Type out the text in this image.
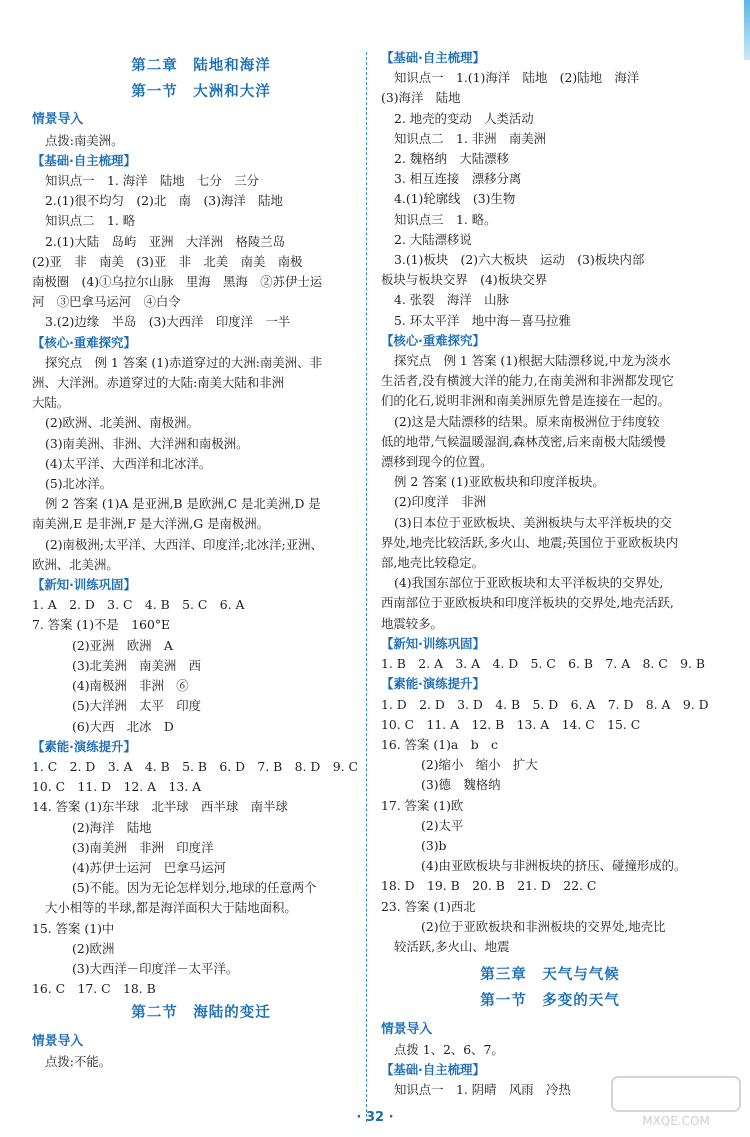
第二章　陆地和海洋
第一节　大洲和大洋
情景导入
点拨:南美洲。
【基础·自主梳理】
知识点一　1. 海洋　陆地　七分　三分
2.(1)很不均匀　(2)北　南　(3)海洋　陆地
知识点二　1. 略
2.(1)大陆　岛屿　亚洲　大洋洲　格陵兰岛
(2)亚　非　南美　(3)亚　非　北美　南美　南极
南极圈　(4)①乌拉尔山脉　里海　黑海　②苏伊士运
河　③巴拿马运河　④白令
3.(2)边缘　半岛　(3)大西洋　印度洋　一半
【核心·重难探究】
探究点　例 1 答案 (1)赤道穿过的大洲:南美洲、非
洲、大洋洲。赤道穿过的大陆:南美大陆和非洲
大陆。
(2)欧洲、北美洲、南极洲。
(3)南美洲、非洲、大洋洲和南极洲。
(4)太平洋、大西洋和北冰洋。
(5)北冰洋。
例 2 答案 (1)A 是亚洲,B 是欧洲,C 是北美洲,D 是
南美洲,E 是非洲,F 是大洋洲,G 是南极洲。
(2)南极洲;太平洋、大西洋、印度洋;北冰洋;亚洲、
欧洲、北美洲。
【新知·训练巩固】
1. A　2. D　3. C　4. B　5. C　6. A
7. 答案 (1)不是　160°E
(2)亚洲　欧洲　A
(3)北美洲　南美洲　西
(4)南极洲　非洲　⑥
(5)大洋洲　太平　印度
(6)大西　北冰　D
【素能·演练提升】
1. C　2. D　3. A　4. B　5. B　6. D　7. B　8. D　9. C
10. C　11. D　12. A　13. A
14. 答案 (1)东半球　北半球　西半球　南半球
(2)海洋　陆地
(3)南美洲　非洲　印度洋
(4)苏伊士运河　巴拿马运河
(5)不能。因为无论怎样划分,地球的任意两个
大小相等的半球,都是海洋面积大于陆地面积。
15. 答案 (1)中
(2)欧洲
(3)大西洋－印度洋－太平洋。
16. C　17. C　18. B
第二节　海陆的变迁
情景导入
点拨:不能。
【基础·自主梳理】
知识点一　1.(1)海洋　陆地　(2)陆地　海洋
(3)海洋　陆地
2. 地壳的变动　人类活动
知识点二　1. 非洲　南美洲
2. 魏格纳　大陆漂移
3. 相互连接　漂移分离
4.(1)轮廓线　(3)生物
知识点三　1. 略。
2. 大陆漂移说
3.(1)板块　(2)六大板块　运动　(3)板块内部
板块与板块交界　(4)板块交界
4. 张裂　海洋　山脉
5. 环太平洋　地中海－喜马拉雅
【核心·重难探究】
探究点　例 1 答案 (1)根据大陆漂移说,中龙为淡水
生活者,没有横渡大洋的能力,在南美洲和非洲都发现它
们的化石,说明非洲和南美洲原先曾是连接在一起的。
(2)这是大陆漂移的结果。原来南极洲位于纬度较
低的地带,气候温暖湿润,森林茂密,后来南极大陆缓慢
漂移到现今的位置。
例 2 答案 (1)亚欧板块和印度洋板块。
(2)印度洋　非洲
(3)日本位于亚欧板块、美洲板块与太平洋板块的交
界处,地壳比较活跃,多火山、地震;英国位于亚欧板块内
部,地壳比较稳定。
(4)我国东部位于亚欧板块和太平洋板块的交界处,
西南部位于亚欧板块和印度洋板块的交界处,地壳活跃,
地震较多。
【新知·训练巩固】
1. B　2. A　3. A　4. D　5. C　6. B　7. A　8. C　9. B
【素能·演练提升】
1. D　2. D　3. D　4. B　5. D　6. A　7. D　8. A　9. D
10. C　11. A　12. B　13. A　14. C　15. C
16. 答案 (1)a　b　c
(2)缩小　缩小　扩大
(3)德　魏格纳
17. 答案 (1)欧
(2)太平
(3)b
(4)由亚欧板块与非洲板块的挤压、碰撞形成的。
18. D　19. B　20. B　21. D　22. C
23. 答案 (1)西北
(2)位于亚欧板块和非洲板块的交界处,地壳比
较活跃,多火山、地震
第三章　天气与气候
第一节　多变的天气
情景导入
点拨 1、2、6、7。
【基础·自主梳理】
知识点一　1. 阴晴　风雨　冷热
· 32 ·	MXQE.COM
